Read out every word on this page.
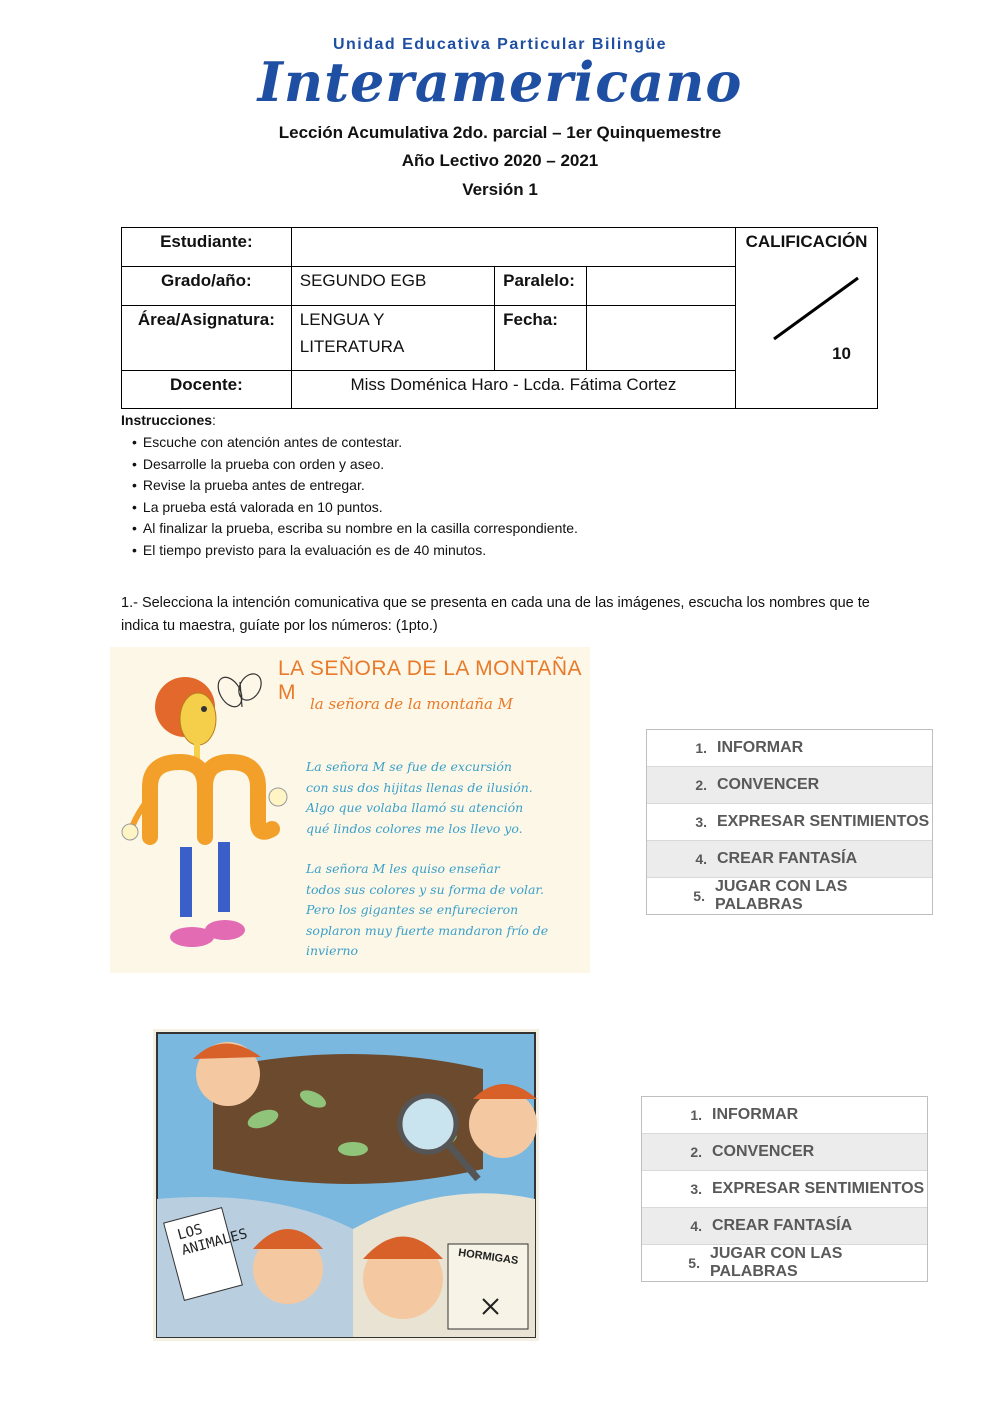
Unidad Educativa Particular Bilingüe
Interamericano
Lección Acumulativa 2do. parcial – 1er Quinquemestre
Año Lectivo 2020 – 2021
Versión 1
Estudiante:				CALIFICACIÓN
10

Grado/año:	SEGUNDO EGB	Paralelo:		
Área/Asignatura:	LENGUA Y LITERATURA	Fecha:		
Docente:	Miss Doménica Haro - Lcda. Fátima Cortez			
Instrucciones:
• Escuche con atención antes de contestar.
• Desarrolle la prueba con orden y aseo.
• Revise la prueba antes de entregar.
• La prueba está valorada en 10 puntos.
• Al finalizar la prueba, escriba su nombre en la casilla correspondiente.
• El tiempo previsto para la evaluación es de 40 minutos.
1.- Selecciona la intención comunicativa que se presenta en cada una de las imágenes, escucha los nombres que te indica tu maestra, guíate por los números: (1pto.)
LA SEÑORA DE LA MONTAÑA M la señora de la montaña M
La señora M se fue de excursión
con sus dos hijitas llenas de ilusión.
Algo que volaba llamó su atención
qué lindos colores me los llevo yo.
La señora M les quiso enseñar
todos sus colores y su forma de volar.
Pero los gigantes se enfurecieron
soplaron muy fuerte mandaron frío de
invierno
1. INFORMAR
2. CONVENCER
3. EXPRESAR SENTIMIENTOS
4. CREAR FANTASÍA
5.
JUGAR CON LAS PALABRAS
LOS ANIMALES	HORMIGAS
1. INFORMAR
2. CONVENCER
3. EXPRESAR SENTIMIENTOS
4. CREAR FANTASÍA
5.
JUGAR CON LAS PALABRAS
